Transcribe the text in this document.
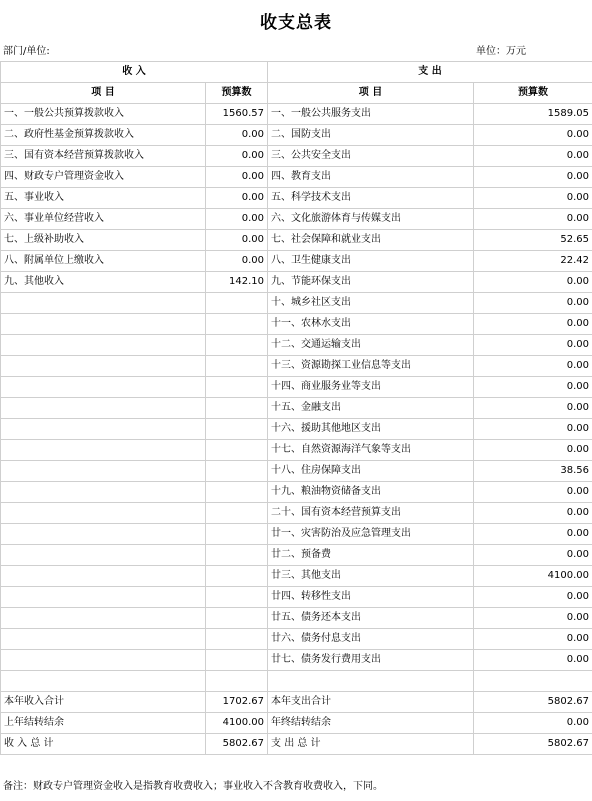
收支总表
部门/单位:	单位：万元
收 入		支 出	
项 目	预算数	项 目	预算数
一、一般公共预算拨款收入	1560.57	一、一般公共服务支出	1589.05
二、政府性基金预算拨款收入	0.00	二、国防支出	0.00
三、国有资本经营预算拨款收入	0.00	三、公共安全支出	0.00
四、财政专户管理资金收入	0.00	四、教育支出	0.00
五、事业收入	0.00	五、科学技术支出	0.00
六、事业单位经营收入	0.00	六、文化旅游体育与传媒支出	0.00
七、上级补助收入	0.00	七、社会保障和就业支出	52.65
八、附属单位上缴收入	0.00	八、卫生健康支出	22.42
九、其他收入	142.10	九、节能环保支出	0.00
		十、城乡社区支出	0.00
		十一、农林水支出	0.00
		十二、交通运输支出	0.00
		十三、资源勘探工业信息等支出	0.00
		十四、商业服务业等支出	0.00
		十五、金融支出	0.00
		十六、援助其他地区支出	0.00
		十七、自然资源海洋气象等支出	0.00
		十八、住房保障支出	38.56
		十九、粮油物资储备支出	0.00
		二十、国有资本经营预算支出	0.00
		廿一、灾害防治及应急管理支出	0.00
		廿二、预备费	0.00
		廿三、其他支出	4100.00
		廿四、转移性支出	0.00
		廿五、债务还本支出	0.00
		廿六、债务付息支出	0.00
		廿七、债务发行费用支出	0.00

本年收入合计	1702.67	本年支出合计	5802.67
上年结转结余	4100.00	年终结转结余	0.00
收 入 总 计	5802.67	支 出 总 计	5802.67
备注：财政专户管理资金收入是指教育收费收入；事业收入不含教育收费收入，下同。
